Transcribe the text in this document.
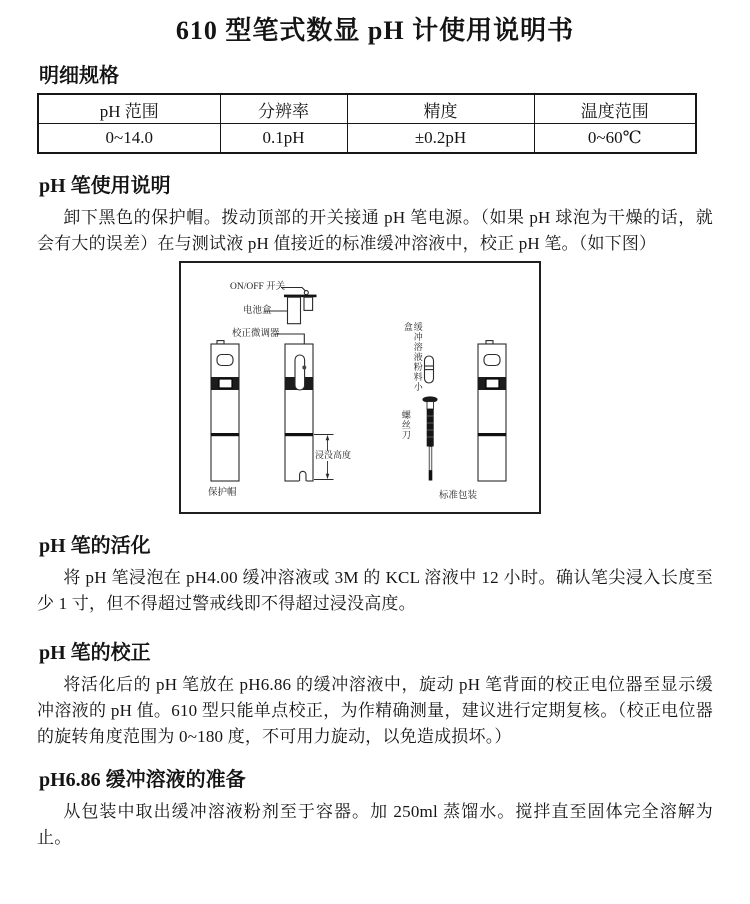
610 型笔式数显 pH 计使用说明书
明细规格
pH 范围	分辨率	精度	温度范围
0~14.0	0.1pH	±0.2pH	0~60℃
pH 笔使用说明

卸下黑色的保护帽。拨动顶部的开关接通 pH 笔电源。（如果 pH 球泡为干燥的话，就会有大的误差）在与测试液 pH 值接近的标准缓冲溶液中，校正 pH 笔。（如下图）

ON/OFF 开关
电池盒
校正微调器
浸没高度
保护帽
缓冲溶液粉料小盒
螺丝刀
标准包装
pH 笔的活化

将 pH 笔浸泡在 pH4.00 缓冲溶液或 3M 的 KCL 溶液中 12 小时。确认笔尖浸入长度至少 1 寸，但不得超过警戒线即不得超过浸没高度。

pH 笔的校正

将活化后的 pH 笔放在 pH6.86 的缓冲溶液中，旋动 pH 笔背面的校正电位器至显示缓冲溶液的 pH 值。610 型只能单点校正，为作精确测量，建议进行定期复核。（校正电位器的旋转角度范围为 0~180 度，不可用力旋动，以免造成损坏。）

pH6.86 缓冲溶液的准备

从包装中取出缓冲溶液粉剂至于容器。加 250ml 蒸馏水。搅拌直至固体完全溶解为止。
